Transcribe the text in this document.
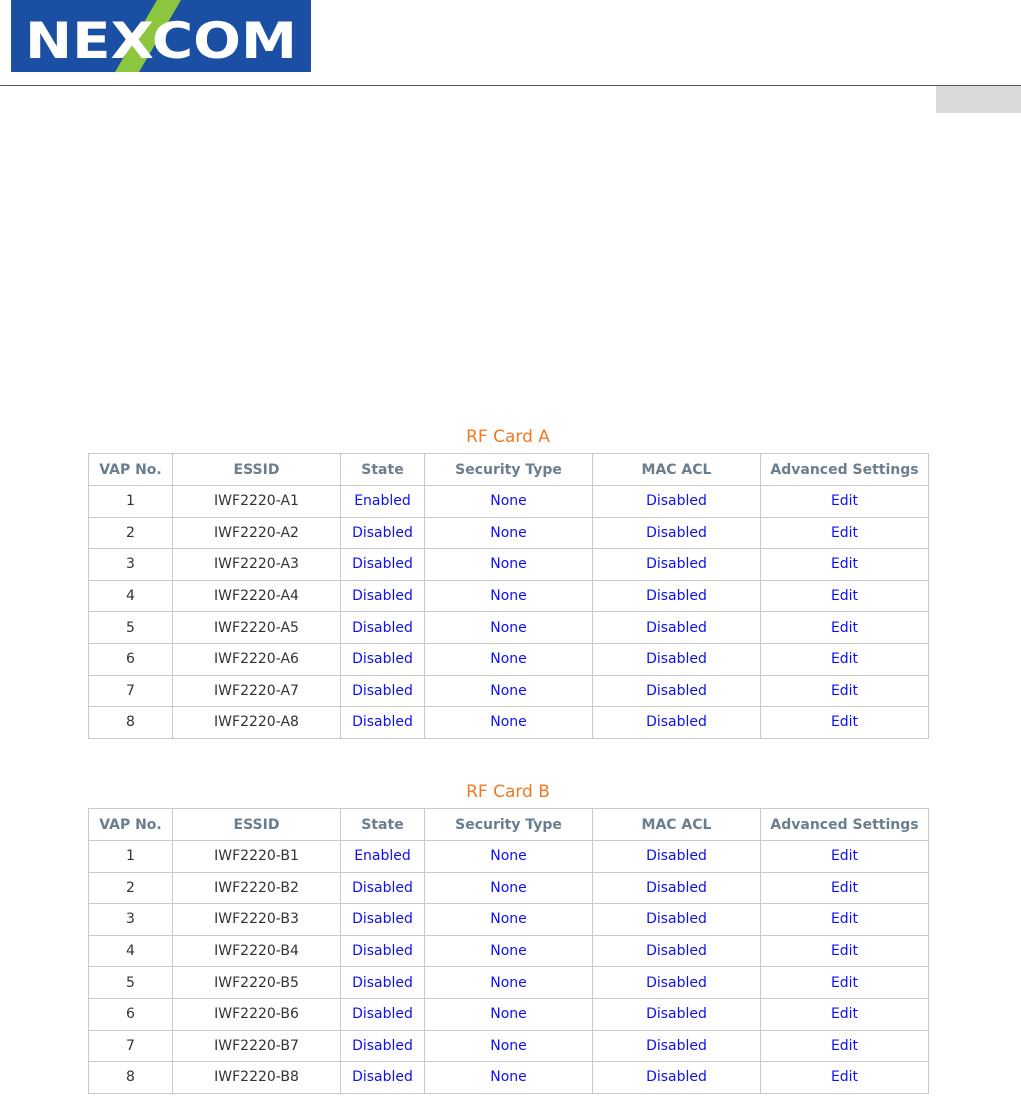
NEXCOM
RF Card A
VAP No.	ESSID	State	Security Type	MAC ACL	Advanced Settings
1	IWF2220-A1	Enabled	None	Disabled	Edit
2	IWF2220-A2	Disabled	None	Disabled	Edit
3	IWF2220-A3	Disabled	None	Disabled	Edit
4	IWF2220-A4	Disabled	None	Disabled	Edit
5	IWF2220-A5	Disabled	None	Disabled	Edit
6	IWF2220-A6	Disabled	None	Disabled	Edit
7	IWF2220-A7	Disabled	None	Disabled	Edit
8	IWF2220-A8	Disabled	None	Disabled	Edit
RF Card B
VAP No.	ESSID	State	Security Type	MAC ACL	Advanced Settings
1	IWF2220-B1	Enabled	None	Disabled	Edit
2	IWF2220-B2	Disabled	None	Disabled	Edit
3	IWF2220-B3	Disabled	None	Disabled	Edit
4	IWF2220-B4	Disabled	None	Disabled	Edit
5	IWF2220-B5	Disabled	None	Disabled	Edit
6	IWF2220-B6	Disabled	None	Disabled	Edit
7	IWF2220-B7	Disabled	None	Disabled	Edit
8	IWF2220-B8	Disabled	None	Disabled	Edit
